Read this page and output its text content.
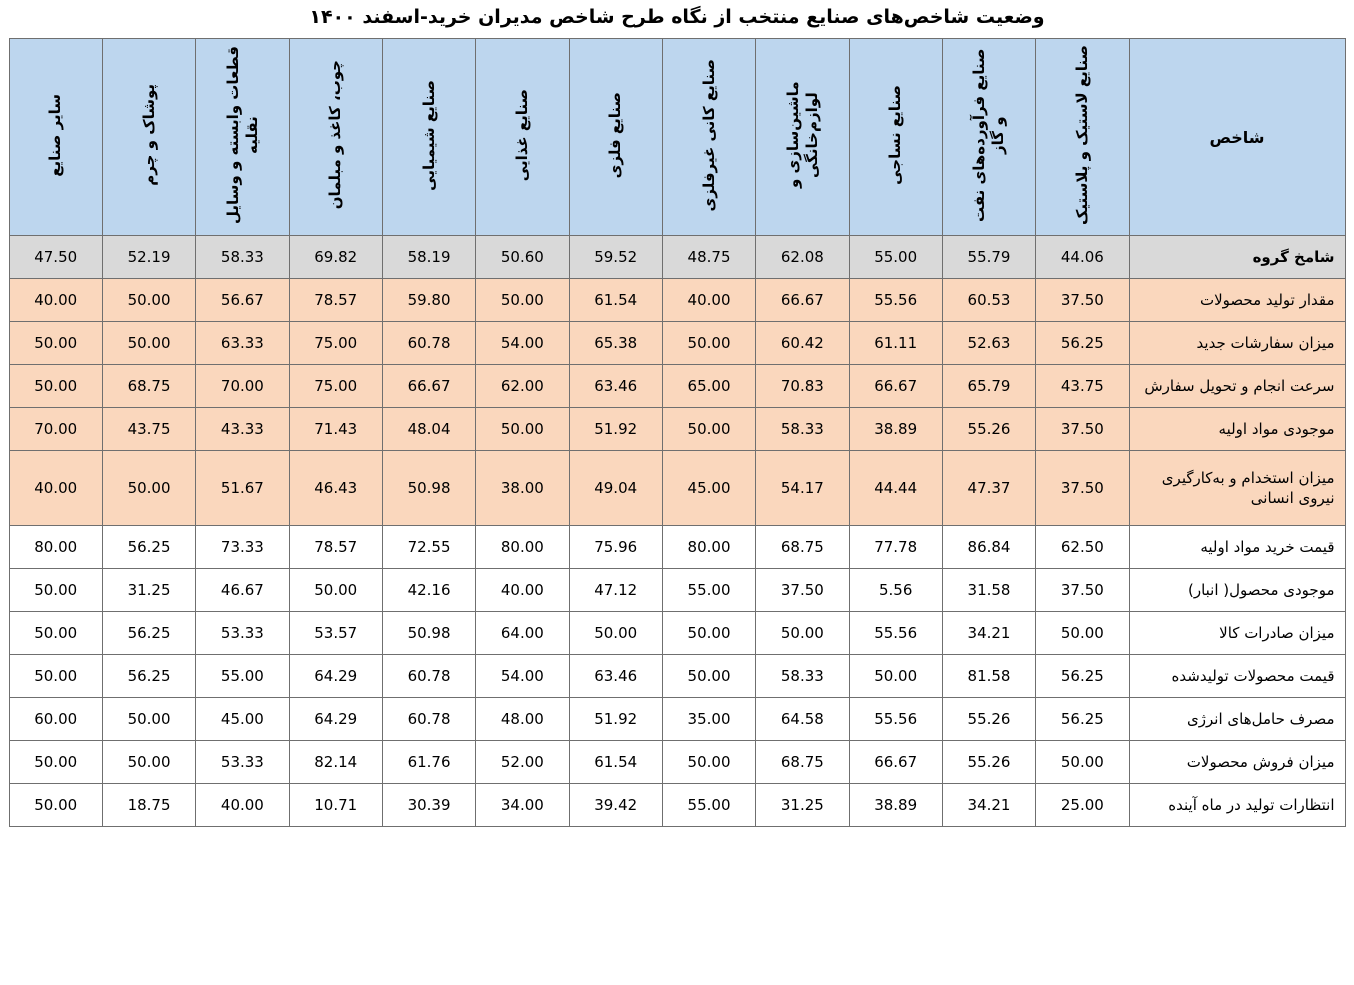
وضعیت شاخص‌های صنایع منتخب از نگاه طرح شاخص مدیران خرید-اسفند ۱۴۰۰
شاخص	صنایع لاستیک و پلاستیک	صنایع فرآورده‌های نفت و گاز	صنایع نساجی	ماشین‌سازی و لوازم‌خانگی	صنایع کانی غیرفلزی	صنایع فلزی	صنایع غذایی	صنایع شیمیایی	چوب، کاغذ و مبلمان	قطعات وابسته و وسایل نقلیه	پوشاک و چرم	سایر صنایع
شامخ گروه	44.06	55.79	55.00	62.08	48.75	59.52	50.60	58.19	69.82	58.33	52.19	47.50
مقدار تولید محصولات	37.50	60.53	55.56	66.67	40.00	61.54	50.00	59.80	78.57	56.67	50.00	40.00
میزان سفارشات جدید	56.25	52.63	61.11	60.42	50.00	65.38	54.00	60.78	75.00	63.33	50.00	50.00
سرعت انجام و تحویل سفارش	43.75	65.79	66.67	70.83	65.00	63.46	62.00	66.67	75.00	70.00	68.75	50.00
موجودی مواد اولیه	37.50	55.26	38.89	58.33	50.00	51.92	50.00	48.04	71.43	43.33	43.75	70.00
میزان استخدام و به‌کارگیری نیروی انسانی	37.50	47.37	44.44	54.17	45.00	49.04	38.00	50.98	46.43	51.67	50.00	40.00
قیمت خرید مواد اولیه	62.50	86.84	77.78	68.75	80.00	75.96	80.00	72.55	78.57	73.33	56.25	80.00
موجودی محصول( انبار)	37.50	31.58	5.56	37.50	55.00	47.12	40.00	42.16	50.00	46.67	31.25	50.00
میزان صادرات کالا	50.00	34.21	55.56	50.00	50.00	50.00	64.00	50.98	53.57	53.33	56.25	50.00
قیمت محصولات تولیدشده	56.25	81.58	50.00	58.33	50.00	63.46	54.00	60.78	64.29	55.00	56.25	50.00
مصرف حامل‌های انرژی	56.25	55.26	55.56	64.58	35.00	51.92	48.00	60.78	64.29	45.00	50.00	60.00
میزان فروش محصولات	50.00	55.26	66.67	68.75	50.00	61.54	52.00	61.76	82.14	53.33	50.00	50.00
انتظارات تولید در ماه آینده	25.00	34.21	38.89	31.25	55.00	39.42	34.00	30.39	10.71	40.00	18.75	50.00
